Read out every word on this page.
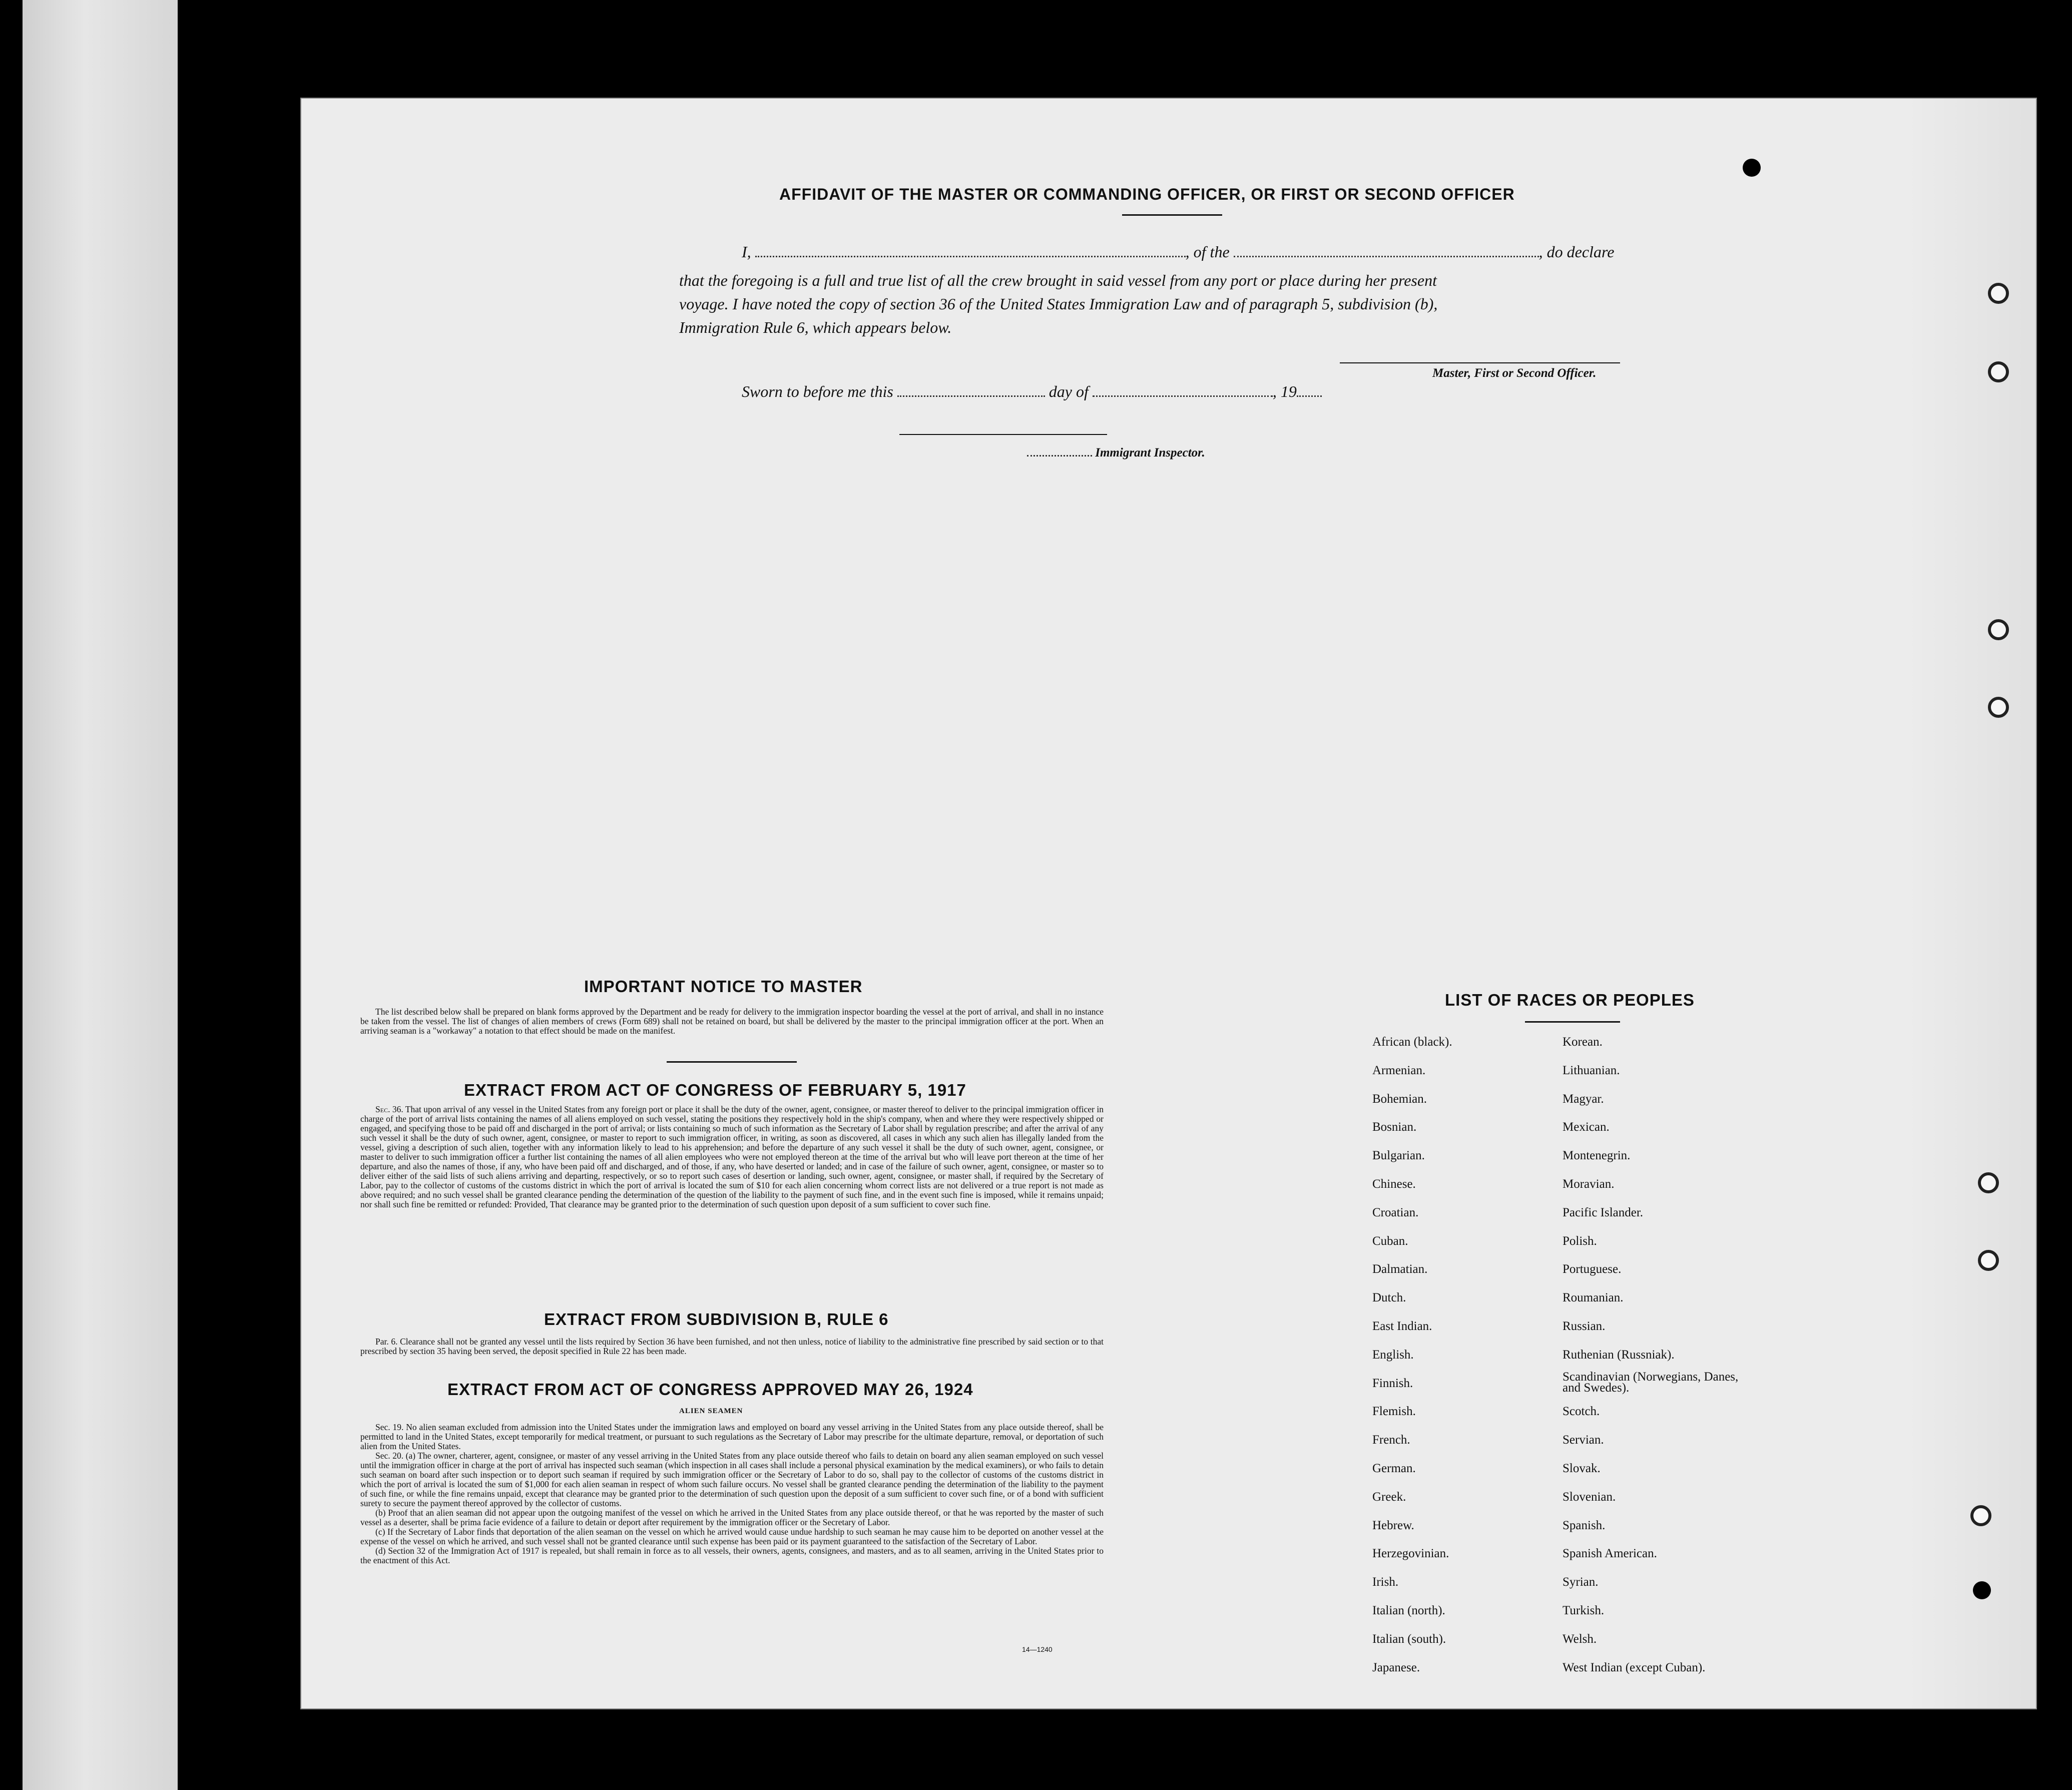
AFFIDAVIT OF THE MASTER OR COMMANDING OFFICER, OR FIRST OR SECOND OFFICER
I,	, of the	, do declare
that the foregoing is a full and true list of all the crew brought in said vessel from any port or place during her present
voyage. I have noted the copy of section 36 of the United States Immigration Law and of paragraph 5, subdivision (b),
Immigration Rule 6, which appears below.
Master, First or Second Officer.
Sworn to before me this	day of	, 19
Immigrant Inspector.
IMPORTANT NOTICE TO MASTER

The list described below shall be prepared on blank forms approved by the Department and be ready for delivery to the immigration inspector boarding the vessel at the port of arrival, and shall in no instance be taken from the vessel. The list of changes of alien members of crews (Form 689) shall not be retained on board, but shall be delivered by the master to the principal immigration officer at the port. When an arriving seaman is a "workaway" a notation to that effect should be made on the manifest.

EXTRACT FROM ACT OF CONGRESS OF FEBRUARY 5, 1917

Sec. 36. That upon arrival of any vessel in the United States from any foreign port or place it shall be the duty of the owner, agent, consignee, or master thereof to deliver to the principal immigration officer in charge of the port of arrival lists containing the names of all aliens employed on such vessel, stating the positions they respectively hold in the ship's company, when and where they were respectively shipped or engaged, and specifying those to be paid off and discharged in the port of arrival; or lists containing so much of such information as the Secretary of Labor shall by regulation prescribe; and after the arrival of any such vessel it shall be the duty of such owner, agent, consignee, or master to report to such immigration officer, in writing, as soon as discovered, all cases in which any such alien has illegally landed from the vessel, giving a description of such alien, together with any information likely to lead to his apprehension; and before the departure of any such vessel it shall be the duty of such owner, agent, consignee, or master to deliver to such immigration officer a further list containing the names of all alien employees who were not employed thereon at the time of the arrival but who will leave port thereon at the time of her departure, and also the names of those, if any, who have been paid off and discharged, and of those, if any, who have deserted or landed; and in case of the failure of such owner, agent, consignee, or master so to deliver either of the said lists of such aliens arriving and departing, respectively, or so to report such cases of desertion or landing, such owner, agent, consignee, or master shall, if required by the Secretary of Labor, pay to the collector of customs of the customs district in which the port of arrival is located the sum of $10 for each alien concerning whom correct lists are not delivered or a true report is not made as above required; and no such vessel shall be granted clearance pending the determination of the question of the liability to the payment of such fine, and in the event such fine is imposed, while it remains unpaid; nor shall such fine be remitted or refunded: Provided, That clearance may be granted prior to the determination of such question upon deposit of a sum sufficient to cover such fine.

EXTRACT FROM SUBDIVISION B, RULE 6

Par. 6. Clearance shall not be granted any vessel until the lists required by Section 36 have been furnished, and not then unless, notice of liability to the administrative fine prescribed by said section or to that prescribed by section 35 having been served, the deposit specified in Rule 22 has been made.

EXTRACT FROM ACT OF CONGRESS APPROVED MAY 26, 1924
ALIEN SEAMEN

Sec. 19. No alien seaman excluded from admission into the United States under the immigration laws and employed on board any vessel arriving in the United States from any place outside thereof, shall be permitted to land in the United States, except temporarily for medical treatment, or pursuant to such regulations as the Secretary of Labor may prescribe for the ultimate departure, removal, or deportation of such alien from the United States.

Sec. 20. (a) The owner, charterer, agent, consignee, or master of any vessel arriving in the United States from any place outside thereof who fails to detain on board any alien seaman employed on such vessel until the immigration officer in charge at the port of arrival has inspected such seaman (which inspection in all cases shall include a personal physical examination by the medical examiners), or who fails to detain such seaman on board after such inspection or to deport such seaman if required by such immigration officer or the Secretary of Labor to do so, shall pay to the collector of customs of the customs district in which the port of arrival is located the sum of $1,000 for each alien seaman in respect of whom such failure occurs. No vessel shall be granted clearance pending the determination of the liability to the payment of such fine, or while the fine remains unpaid, except that clearance may be granted prior to the determination of such question upon the deposit of a sum sufficient to cover such fine, or of a bond with sufficient surety to secure the payment thereof approved by the collector of customs.

(b) Proof that an alien seaman did not appear upon the outgoing manifest of the vessel on which he arrived in the United States from any place outside thereof, or that he was reported by the master of such vessel as a deserter, shall be prima facie evidence of a failure to detain or deport after requirement by the immigration officer or the Secretary of Labor.

(c) If the Secretary of Labor finds that deportation of the alien seaman on the vessel on which he arrived would cause undue hardship to such seaman he may cause him to be deported on another vessel at the expense of the vessel on which he arrived, and such vessel shall not be granted clearance until such expense has been paid or its payment guaranteed to the satisfaction of the Secretary of Labor.

(d) Section 32 of the Immigration Act of 1917 is repealed, but shall remain in force as to all vessels, their owners, agents, consignees, and masters, and as to all seamen, arriving in the United States prior to the enactment of this Act.

14—1240
LIST OF RACES OR PEOPLES
African (black).
Armenian.
Bohemian.
Bosnian.
Bulgarian.
Chinese.
Croatian.
Cuban.
Dalmatian.
Dutch.
East Indian.
English.
Finnish.
Flemish.
French.
German.
Greek.
Hebrew.
Herzegovinian.
Irish.
Italian (north).
Italian (south).
Japanese.
Korean.
Lithuanian.
Magyar.
Mexican.
Montenegrin.
Moravian.
Pacific Islander.
Polish.
Portuguese.
Roumanian.
Russian.
Ruthenian (Russniak).
Scandinavian (Norwegians, Danes, and Swedes).
Scotch.
Servian.
Slovak.
Slovenian.
Spanish.
Spanish American.
Syrian.
Turkish.
Welsh.
West Indian (except Cuban).
